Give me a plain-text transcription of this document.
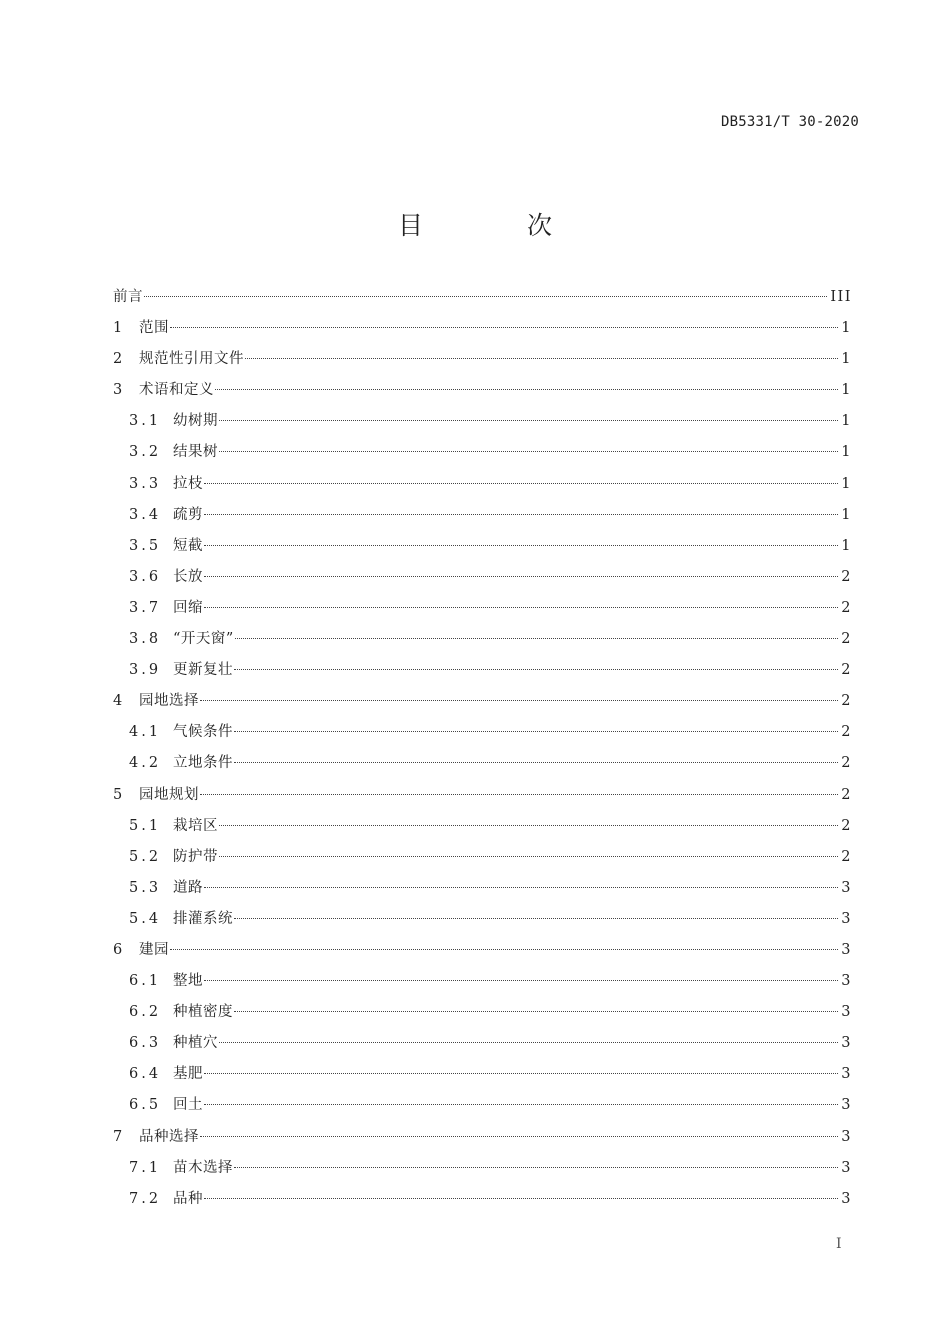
DB5331/T 30-2020
目 次
前言	III
1 范围	1
2 规范性引用文件	1
3 术语和定义	1
3.1 幼树期	1
3.2 结果树	1
3.3 拉枝	1
3.4 疏剪	1
3.5 短截	1
3.6 长放	2
3.7 回缩	2
3.8 “开天窗”	2
3.9 更新复壮	2
4 园地选择	2
4.1 气候条件	2
4.2 立地条件	2
5 园地规划	2
5.1 栽培区	2
5.2 防护带	2
5.3 道路	3
5.4 排灌系统	3
6 建园	3
6.1 整地	3
6.2 种植密度	3
6.3 种植穴	3
6.4 基肥	3
6.5 回土	3
7 品种选择	3
7.1 苗木选择	3
7.2 品种	3
I
